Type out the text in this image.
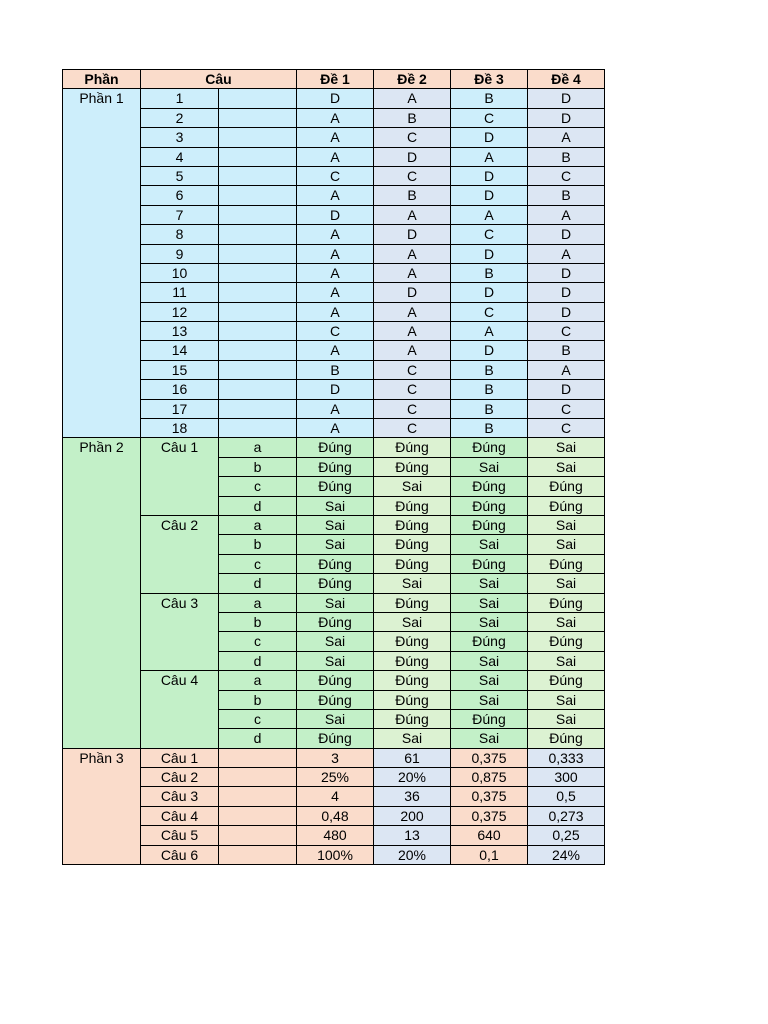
Phần	Câu		Đề 1	Đề 2	Đề 3	Đề 4
Phần 1	1		D	A	B	D
	2		A	B	C	D
	3		A	C	D	A
	4		A	D	A	B
	5		C	C	D	C
	6		A	B	D	B
	7		D	A	A	A
	8		A	D	C	D
	9		A	A	D	A
	10		A	A	B	D
	11		A	D	D	D
	12		A	A	C	D
	13		C	A	A	C
	14		A	A	D	B
	15		B	C	B	A
	16		D	C	B	D
	17		A	C	B	C
	18		A	C	B	C
Phần 2	Câu 1	a	Đúng	Đúng	Đúng	Sai
		b	Đúng	Đúng	Sai	Sai
		c	Đúng	Sai	Đúng	Đúng
		d	Sai	Đúng	Đúng	Đúng
	Câu 2	a	Sai	Đúng	Đúng	Sai
		b	Sai	Đúng	Sai	Sai
		c	Đúng	Đúng	Đúng	Đúng
		d	Đúng	Sai	Sai	Sai
	Câu 3	a	Sai	Đúng	Sai	Đúng
		b	Đúng	Sai	Sai	Sai
		c	Sai	Đúng	Đúng	Đúng
		d	Sai	Đúng	Sai	Sai
	Câu 4	a	Đúng	Đúng	Sai	Đúng
		b	Đúng	Đúng	Sai	Sai
		c	Sai	Đúng	Đúng	Sai
		d	Đúng	Sai	Sai	Đúng
Phần 3	Câu 1		3	61	0,375	0,333
	Câu 2		25%	20%	0,875	300
	Câu 3		4	36	0,375	0,5
	Câu 4		0,48	200	0,375	0,273
	Câu 5		480	13	640	0,25
	Câu 6		100%	20%	0,1	24%
